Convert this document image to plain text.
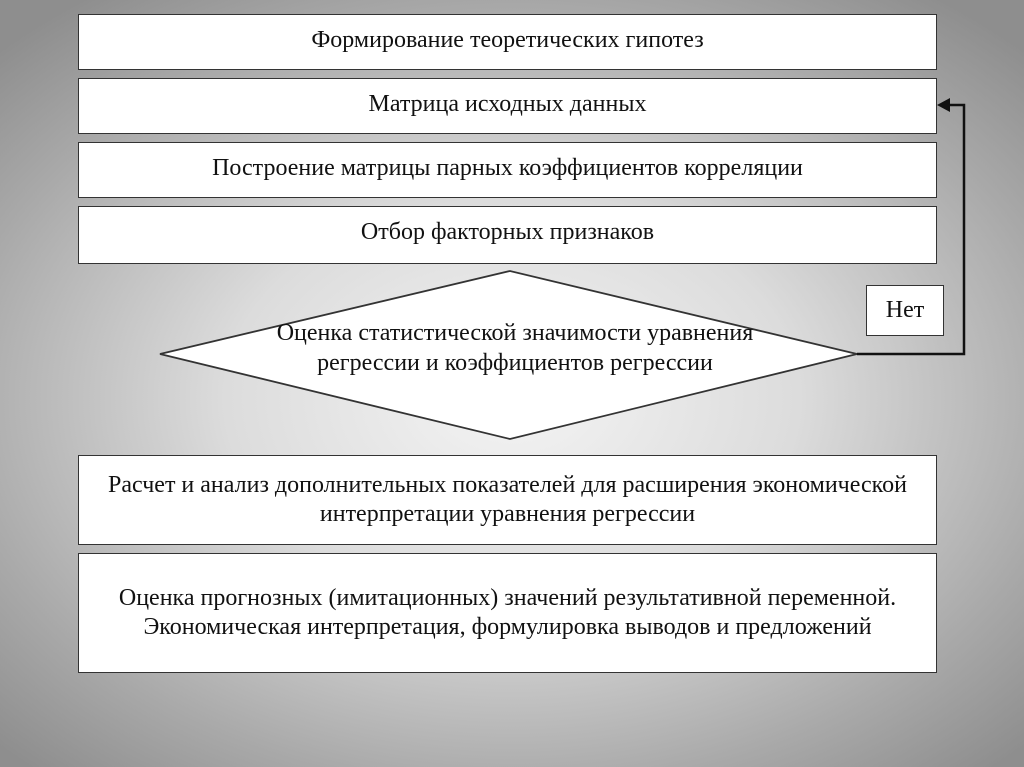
Формирование теоретических гипотез
Матрица исходных данных
Построение матрицы парных коэффициентов корреляции
Отбор факторных признаков
Оценка статистической значимости уравнения регрессии и коэффициентов регрессии
Нет
Расчет и анализ дополнительных показателей для расширения экономической интерпретации уравнения регрессии
Оценка прогнозных (имитационных) значений результативной переменной. Экономическая интерпретация, формулировка выводов и предложений
